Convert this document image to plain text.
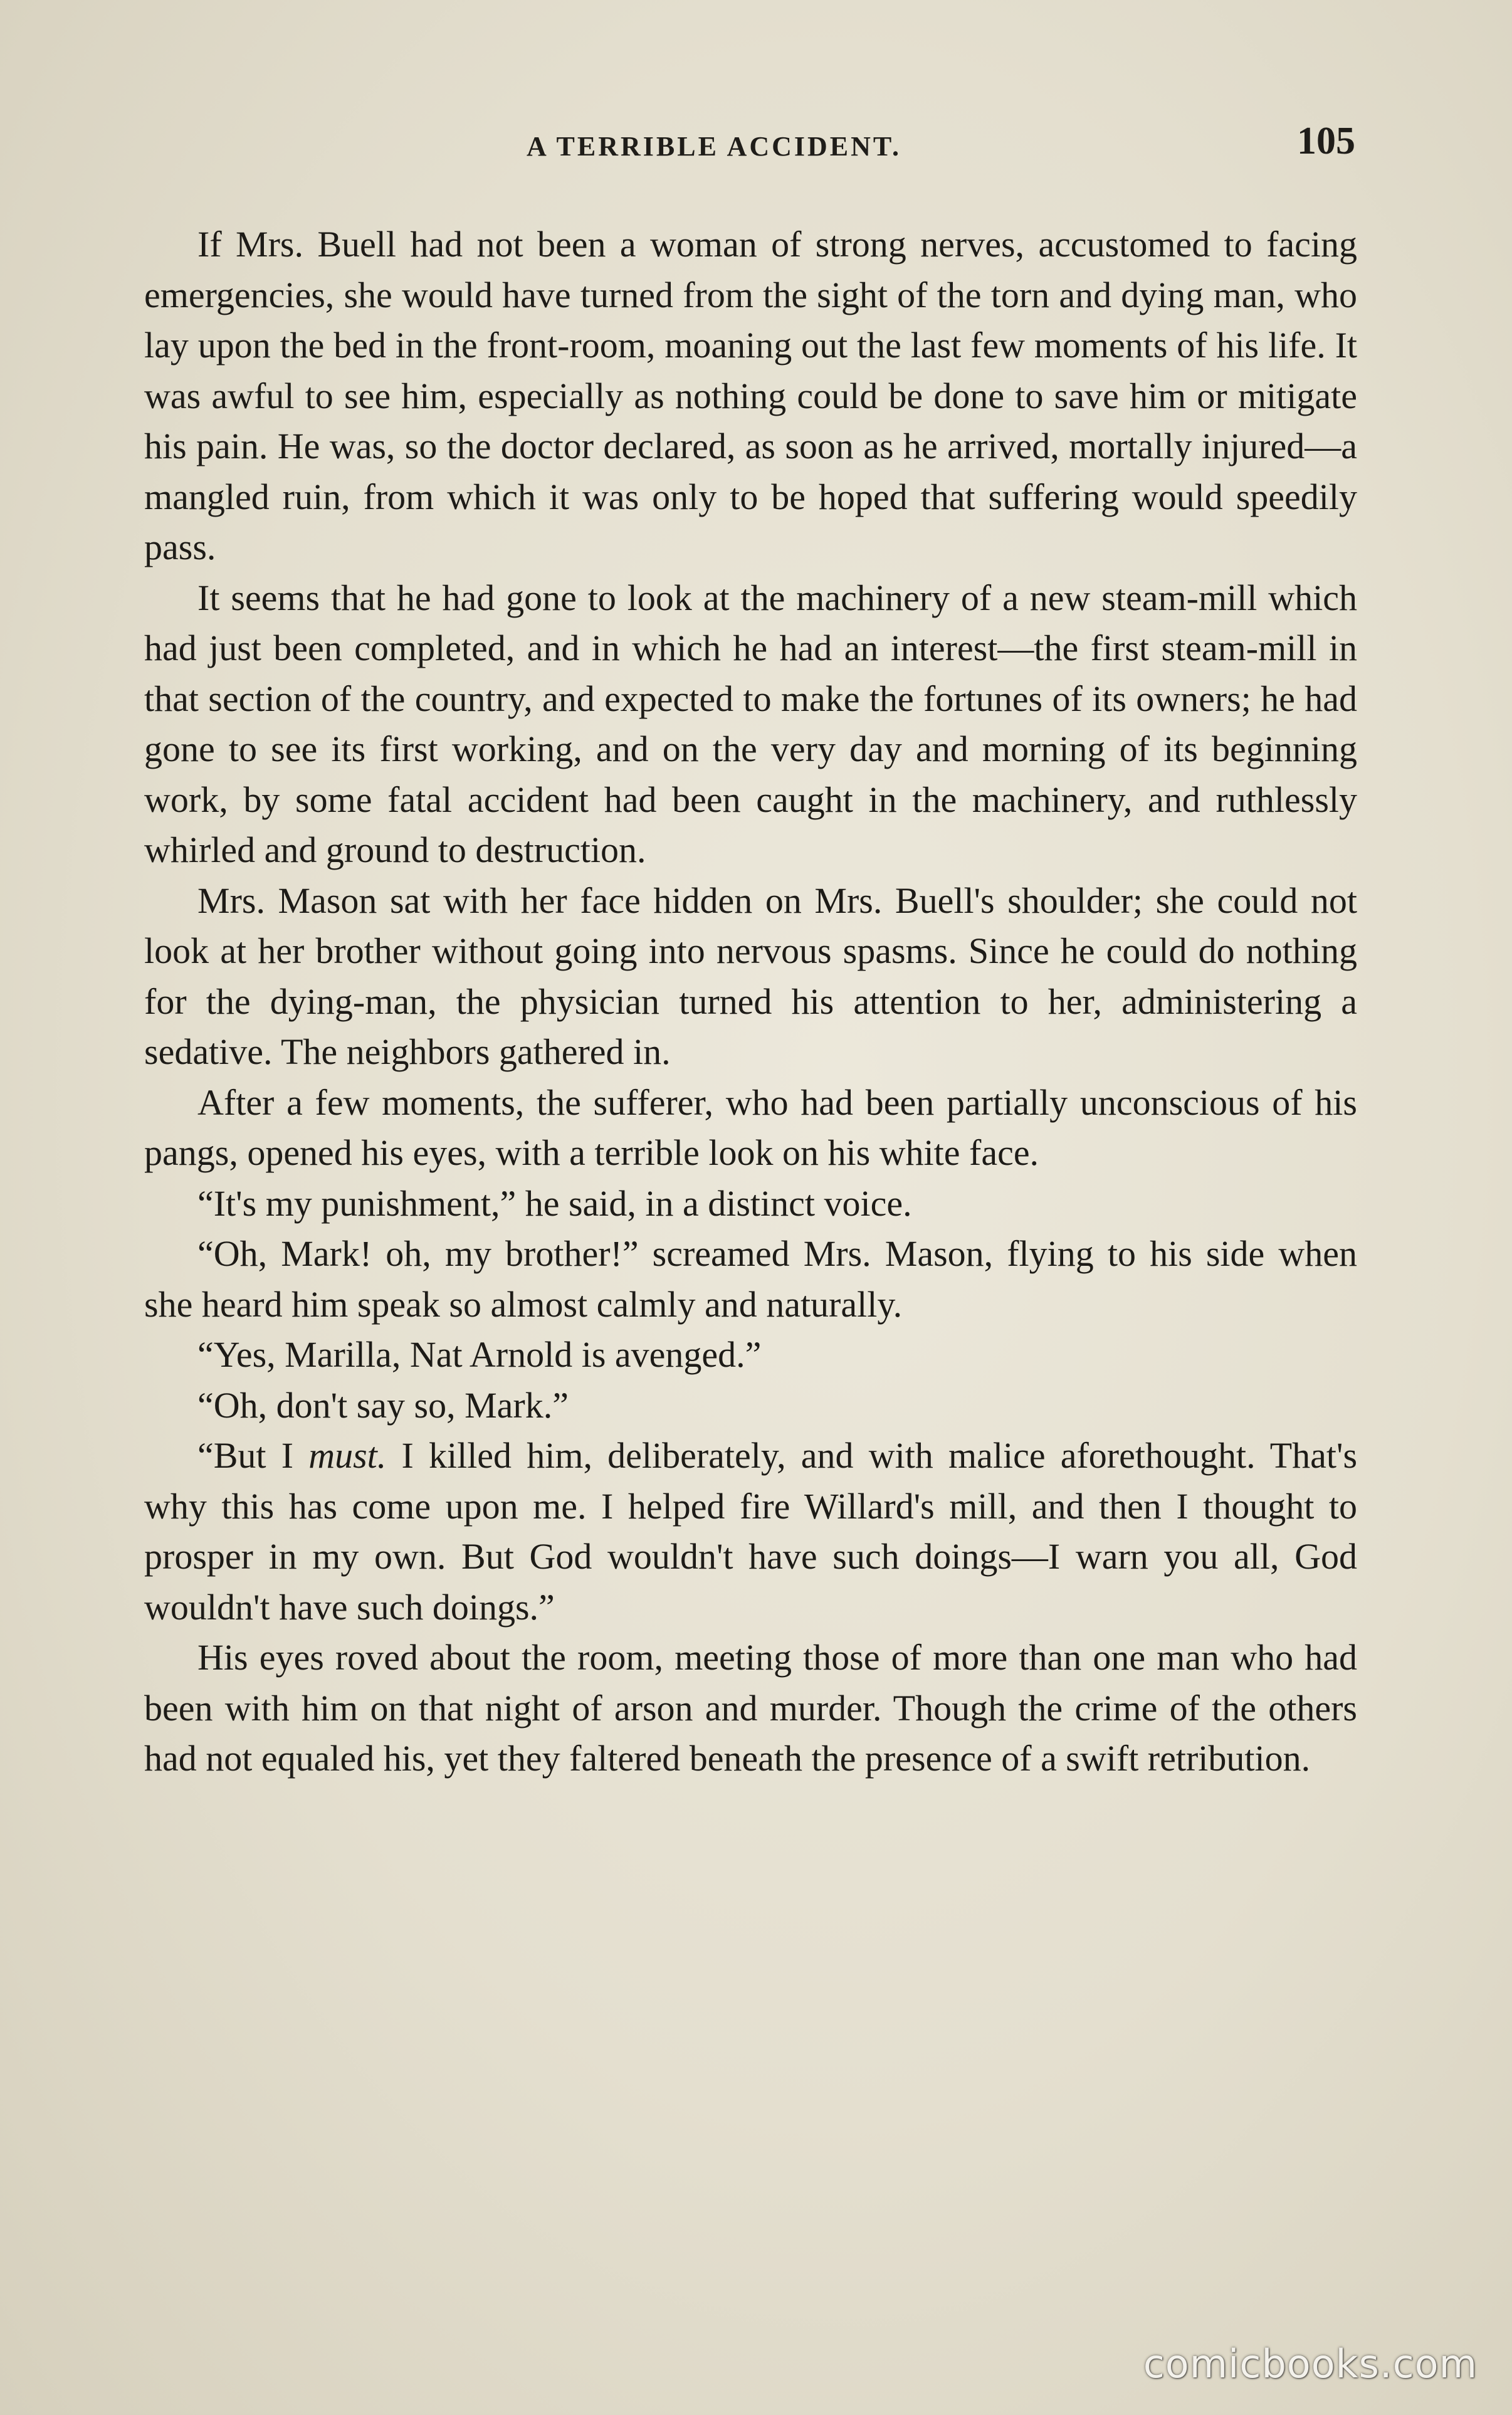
A TERRIBLE ACCIDENT.	105

If Mrs. Buell had not been a woman of strong nerves, accustomed to facing emergencies, she would have turned from the sight of the torn and dying man, who lay upon the bed in the front-room, moaning out the last few moments of his life. It was awful to see him, especially as nothing could be done to save him or mitigate his pain. He was, so the doctor declared, as soon as he arrived, mortally injured—a mangled ruin, from which it was only to be hoped that suffering would speedily pass.

It seems that he had gone to look at the machinery of a new steam-mill which had just been completed, and in which he had an interest—the first steam-mill in that section of the country, and expected to make the fortunes of its owners; he had gone to see its first working, and on the very day and morning of its beginning work, by some fatal accident had been caught in the machinery, and ruthlessly whirled and ground to destruction.

Mrs. Mason sat with her face hidden on Mrs. Buell's shoulder; she could not look at her brother without going into nervous spasms. Since he could do nothing for the dying-man, the physician turned his attention to her, administering a sedative. The neighbors gathered in.

After a few moments, the sufferer, who had been partially unconscious of his pangs, opened his eyes, with a terrible look on his white face.

“It's my punishment,” he said, in a distinct voice.

“Oh, Mark! oh, my brother!” screamed Mrs. Mason, flying to his side when she heard him speak so almost calmly and naturally.

“Yes, Marilla, Nat Arnold is avenged.”

“Oh, don't say so, Mark.”

“But I must. I killed him, deliberately, and with malice aforethought. That's why this has come upon me. I helped fire Willard's mill, and then I thought to prosper in my own. But God wouldn't have such doings—I warn you all, God wouldn't have such doings.”

His eyes roved about the room, meeting those of more than one man who had been with him on that night of arson and murder. Though the crime of the others had not equaled his, yet they faltered beneath the presence of a swift retribution.

comicbooks.com
